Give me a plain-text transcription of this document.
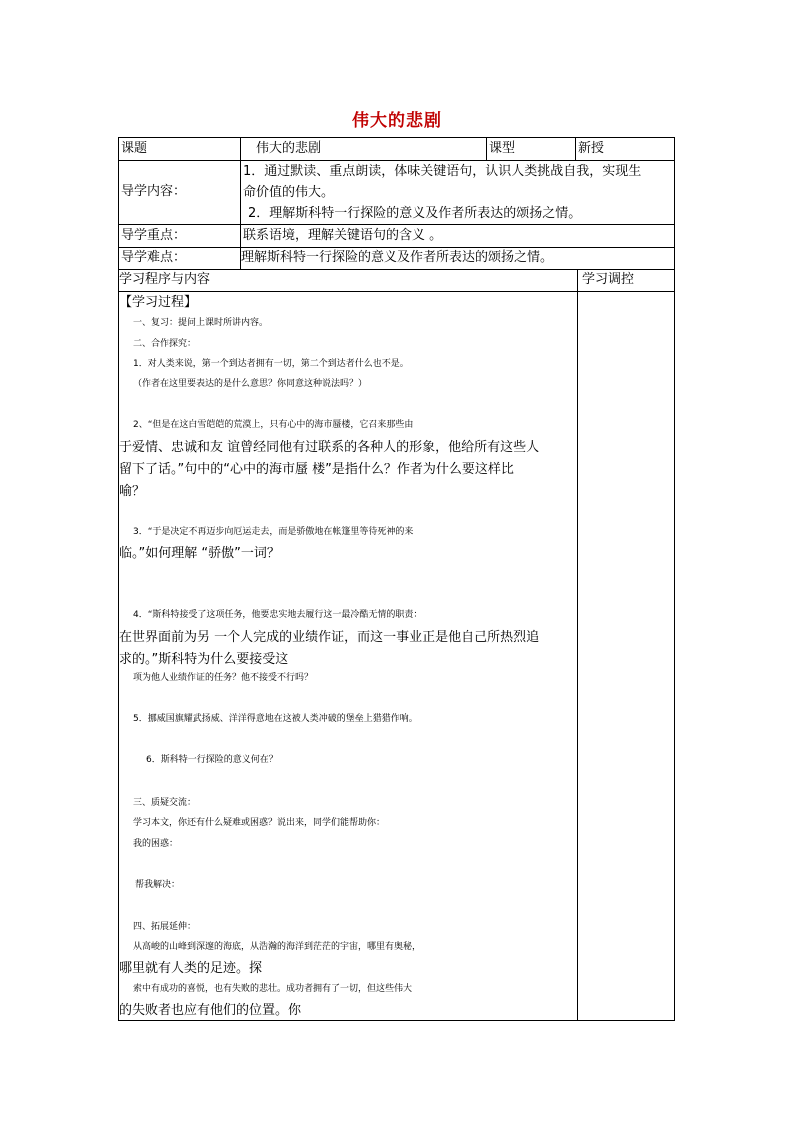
伟大的悲剧
课题	伟大的悲剧	课型	新授
导学内容：
1．通过默读、重点朗读，体味关键语句，认识人类挑战自我，实现生
命价值的伟大。
2．理解斯科特一行探险的意义及作者所表达的颂扬之情。
导学重点：	联系语境，理解关键语句的含义 。
导学难点：	理解斯科特一行探险的意义及作者所表达的颂扬之情。
学习程序与内容	学习调控
【学习过程】
一、复习：提问上课时所讲内容。
二、合作探究：
1．对人类来说，第一个到达者拥有一切，第二个到达者什么也不是。
（作者在这里要表达的是什么意思？你同意这种说法吗？）
2、“但是在这白雪皑皑的荒漠上，只有心中的海市蜃楼，它召来那些由
于爱情、忠诚和友 谊曾经同他有过联系的各种人的形象，他给所有这些人
留下了话。”句中的“心中的海市蜃 楼”是指什么？作者为什么要这样比
喻？
3．“于是决定不再迈步向厄运走去，而是骄傲地在帐篷里等待死神的来
临。”如何理解 “骄傲”一词？
4．“斯科特接受了这项任务，他要忠实地去履行这一最冷酷无情的职责：
在世界面前为另 一个人完成的业绩作证，而这一事业正是他自己所热烈追
求的。”斯科特为什么要接受这
项为他人业绩作证的任务？他不接受不行吗？
5．挪威国旗耀武扬威、洋洋得意地在这被人类冲破的堡垒上猎猎作响。
6．斯科特一行探险的意义何在？
三、质疑交流：
学习本文，你还有什么疑难或困惑？说出来，同学们能帮助你：
我的困惑：
帮我解决：
四、拓展延伸：
从高峻的山峰到深邃的海底，从浩瀚的海洋到茫茫的宇宙，哪里有奥秘，
哪里就有人类的足迹。探
索中有成功的喜悦，也有失败的悲壮。成功者拥有了一切，但这些伟大
的失败者也应有他们的位置。你
